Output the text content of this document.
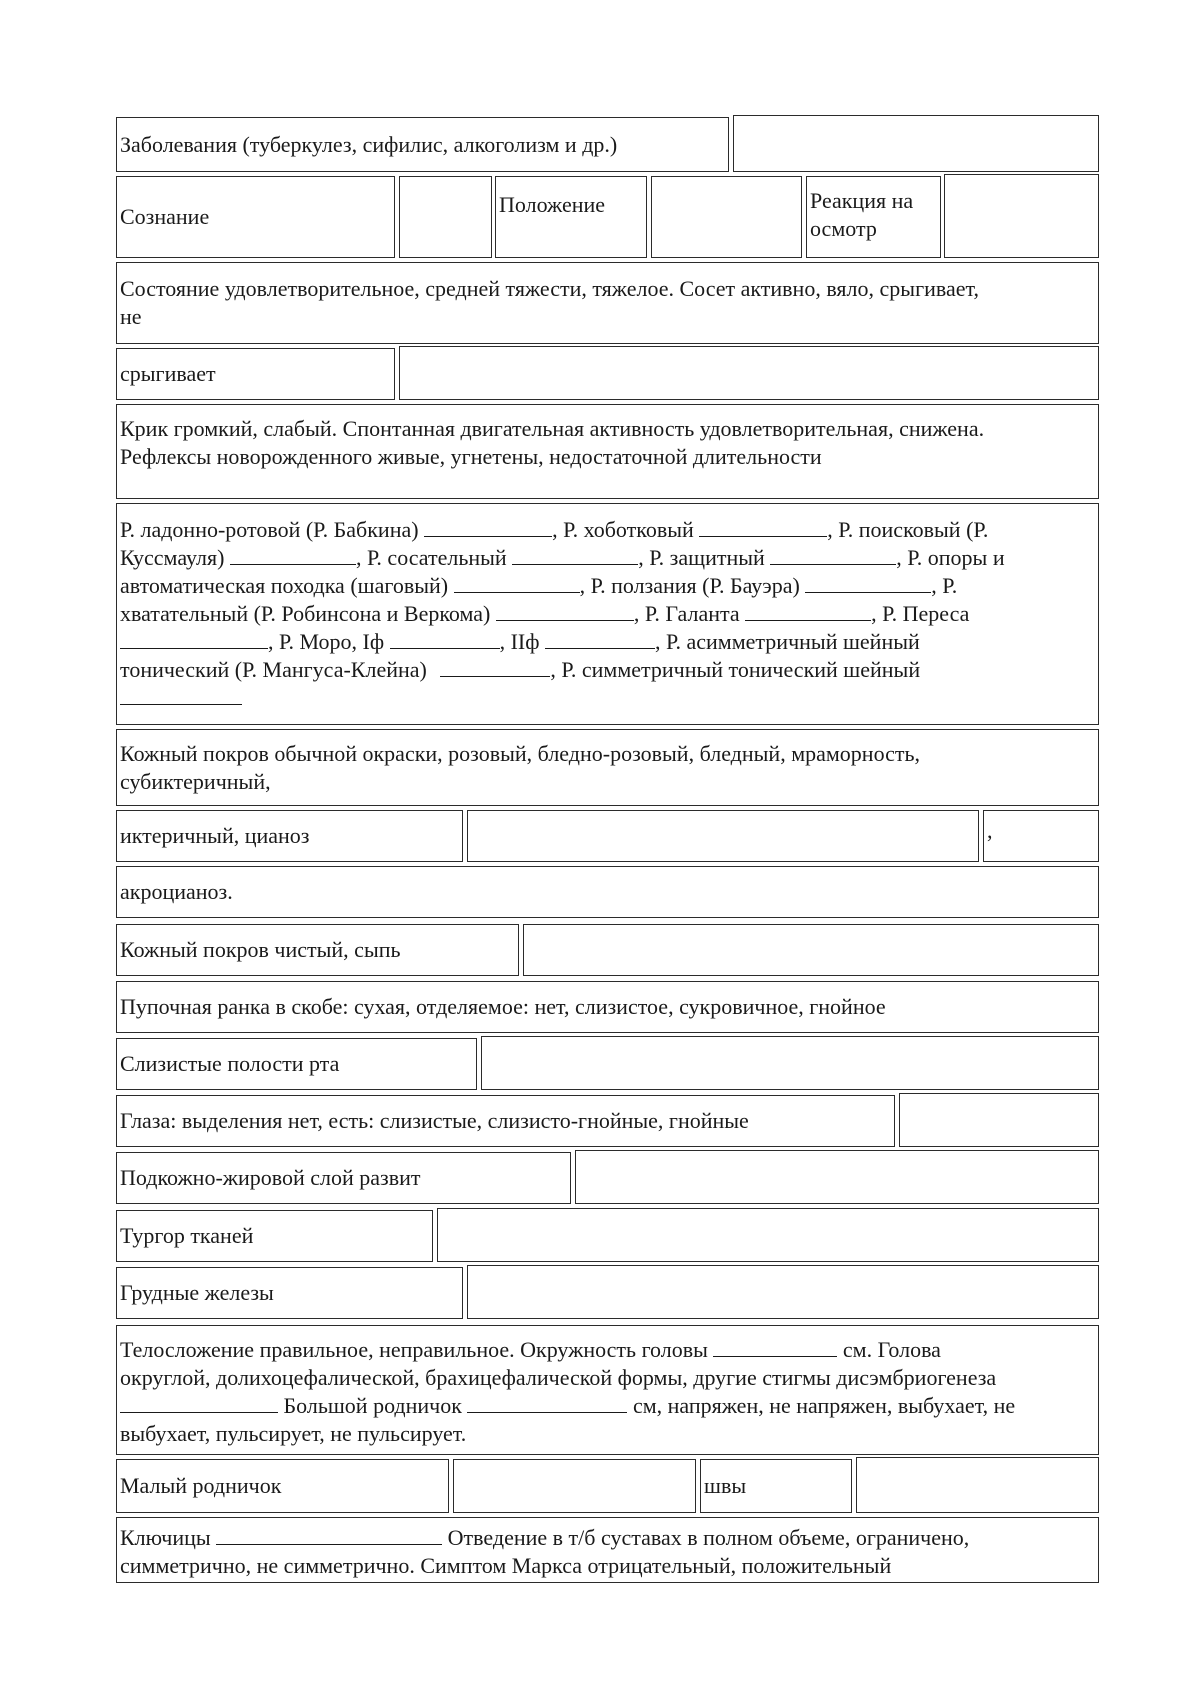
Заболевания (туберкулез, сифилис, алкоголизм и др.)
Сознание	Положение	Реакция на
осмотр
Состояние удовлетворительное, средней тяжести, тяжелое. Сосет активно, вяло, срыгивает,
не
срыгивает
Крик громкий, слабый. Спонтанная двигательная активность удовлетворительная, снижена.
Рефлексы новорожденного живые, угнетены, недостаточной длительности
Р. ладонно-ротовой (Р. Бабкина)	, Р. хоботковый	, Р. поисковый (Р.
Куссмауля)	, Р. сосательный	, Р. защитный	, Р. опоры и
автоматическая походка (шаговый)	, Р. ползания (Р. Бауэра)	, Р.
хватательный (Р. Робинсона и Веркома)	, Р. Галанта	, Р. Переса
, Р. Моро, Iф	, IIф	, Р. асимметричный шейный
тонический (Р. Мангуса-Клейна)	, Р. симметричный тонический шейный
Кожный покров обычной окраски, розовый, бледно-розовый, бледный, мраморность,
субиктеричный,
иктеричный, цианоз	,
акроцианоз.
Кожный покров чистый, сыпь
Пупочная ранка в скобе: сухая, отделяемое: нет, слизистое, сукровичное, гнойное
Слизистые полости рта
Глаза: выделения нет, есть: слизистые, слизисто-гнойные, гнойные
Подкожно-жировой слой развит
Тургор тканей
Грудные железы
Телосложение правильное, неправильное. Окружность головы	см. Голова
округлой, долихоцефалической, брахицефалической формы, другие стигмы дисэмбриогенеза
Большой родничок	см, напряжен, не напряжен, выбухает, не
выбухает, пульсирует, не пульсирует.
Малый родничок	швы
Ключицы	Отведение в т/б суставах в полном объеме, ограничено,
симметрично, не симметрично. Симптом Маркса отрицательный, положительный
